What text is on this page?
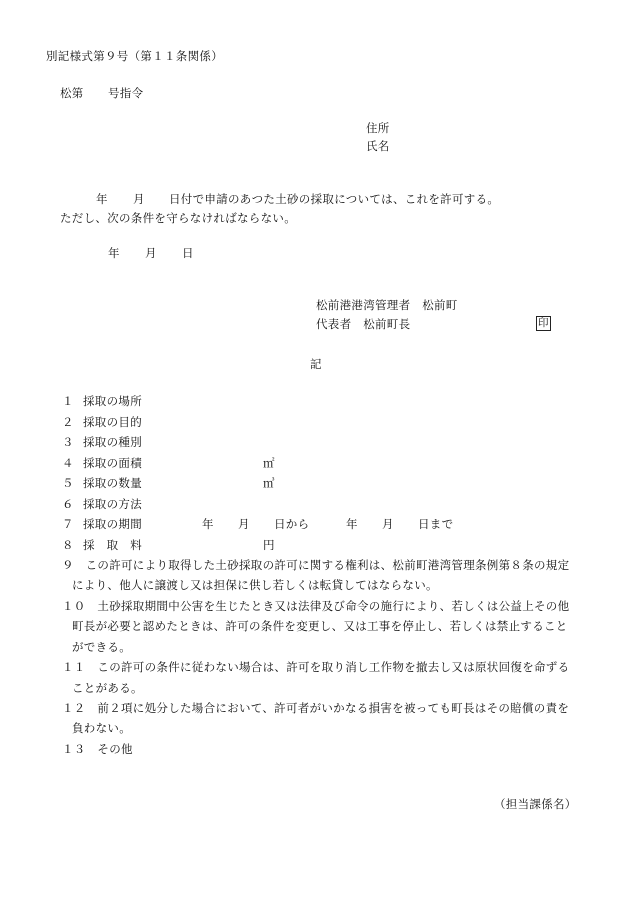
別記様式第９号（第１１条関係）
松第 号指令
住所
氏名
年 月 日付で申請のあつた土砂の採取については、これを許可する。
ただし、次の条件を守らなければならない。
年 月 日
松前港港湾管理者　松前町
代表者　松前町長	印
記
１ 採取の場所
２ 採取の目的
３ 採取の種別
４ 採取の面積	㎡
５ 採取の数量	㎥
６ 採取の方法
７ 採取の期間	年 月 日から	年 月 日まで
８ 採　取　料	円
９　この許可により取得した土砂採取の許可に関する権利は、松前町港湾管理条例第８条の規定
により、他人に譲渡し又は担保に供し若しくは転貸してはならない。
１０　土砂採取期間中公害を生じたとき又は法律及び命令の施行により、若しくは公益上その他
町長が必要と認めたときは、許可の条件を変更し、又は工事を停止し、若しくは禁止すること
ができる。
１１　この許可の条件に従わない場合は、許可を取り消し工作物を撤去し又は原状回復を命ずる
ことがある。
１２　前２項に処分した場合において、許可者がいかなる損害を被っても町長はその賠償の責を
負わない。
１３　その他
（担当課係名）
